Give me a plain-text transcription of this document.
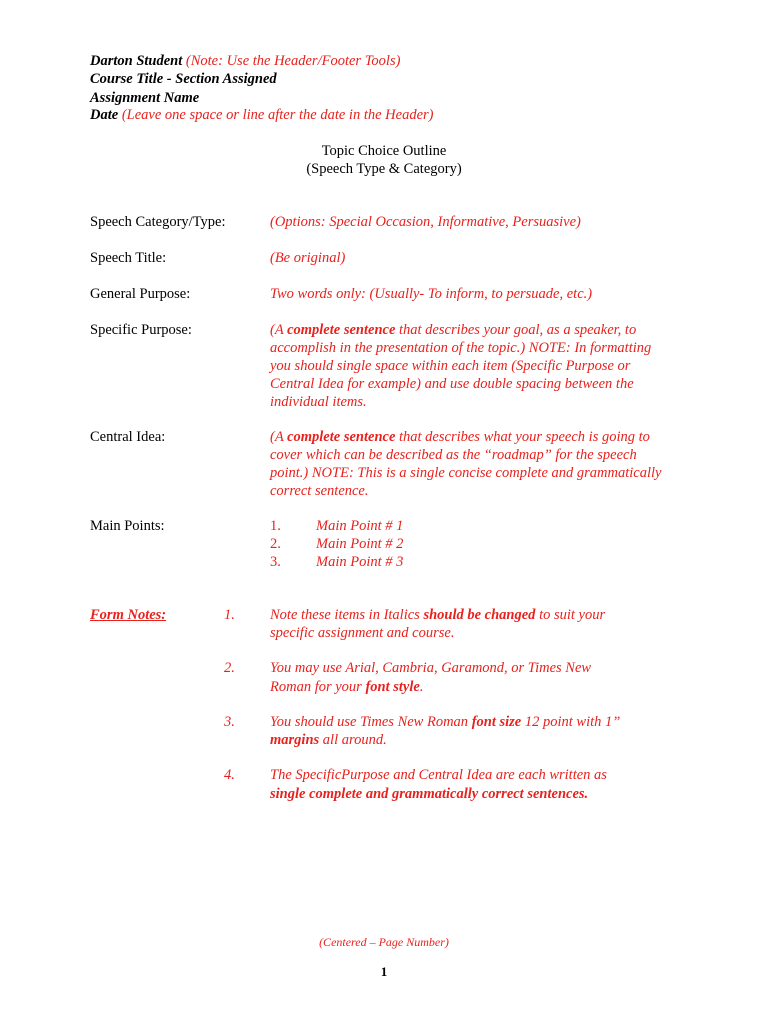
Darton Student (Note: Use the Header/Footer Tools)
Course Title - Section Assigned
Assignment Name
Date (Leave one space or line after the date in the Header)
Topic Choice Outline
(Speech Type & Category)
Speech Category/Type:	(Options: Special Occasion, Informative, Persuasive)
Speech Title:	(Be original)
General Purpose:	Two words only: (Usually- To inform, to persuade, etc.)
Specific Purpose:	(A complete sentence that describes your goal, as a speaker, to
accomplish in the presentation of the topic.) NOTE: In formatting
you should single space within each item (Specific Purpose or
Central Idea for example) and use double spacing between the
individual items.
Central Idea:	(A complete sentence that describes what your speech is going to
cover which can be described as the “roadmap” for the speech
point.) NOTE: This is a single concise complete and grammatically
correct sentence.
Main Points:	1. Main Point # 1
2. Main Point # 2
3. Main Point # 3
Form Notes:	1. Note these items in Italics should be changed to suit your
specific assignment and course.
2. You may use Arial, Cambria, Garamond, or Times New
Roman for your font style.
3. You should use Times New Roman font size 12 point with 1”
margins all around.
4. The SpecificPurpose and Central Idea are each written as
single complete and grammatically correct sentences.
(Centered – Page Number)
1
